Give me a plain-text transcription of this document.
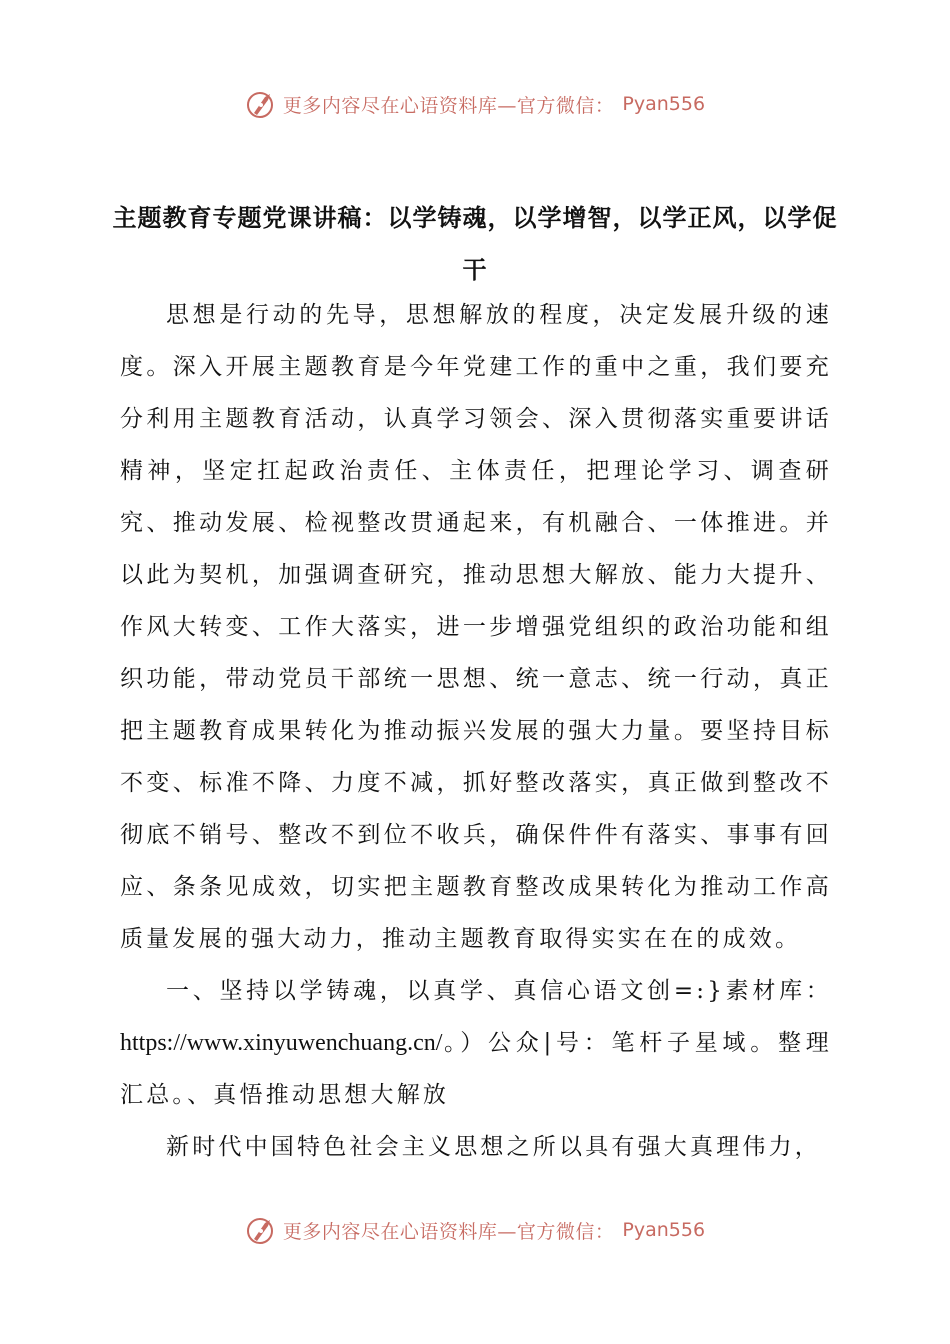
更多内容尽在心语资料库—官方微信： Pyan556
主题教育专题党课讲稿：以学铸魂，以学增智，以学正风，以学促干

思想是行动的先导，思想解放的程度，决定发展升级的速度。深入开展主题教育是今年党建工作的重中之重，我们要充分利用主题教育活动，认真学习领会、深入贯彻落实重要讲话精神，坚定扛起政治责任、主体责任，把理论学习、调查研究、推动发展、检视整改贯通起来，有机融合、一体推进。并以此为契机，加强调查研究，推动思想大解放、能力大提升、作风大转变、工作大落实，进一步增强党组织的政治功能和组织功能，带动党员干部统一思想、统一意志、统一行动，真正把主题教育成果转化为推动振兴发展的强大力量。要坚持目标不变、标准不降、力度不减，抓好整改落实，真正做到整改不彻底不销号、整改不到位不收兵，确保件件有落实、事事有回应、条条见成效，切实把主题教育整改成果转化为推动工作高质量发展的强大动力，推动主题教育取得实实在在的成效。

一、坚持以学铸魂，以真学、真信心语文创=:}素材库：https://www.xinyuwenchuang.cn/。）公众|号：笔杆子星域。整理汇总。、真悟推动思想大解放

新时代中国特色社会主义思想之所以具有强大真理伟力，

更多内容尽在心语资料库—官方微信： Pyan556
